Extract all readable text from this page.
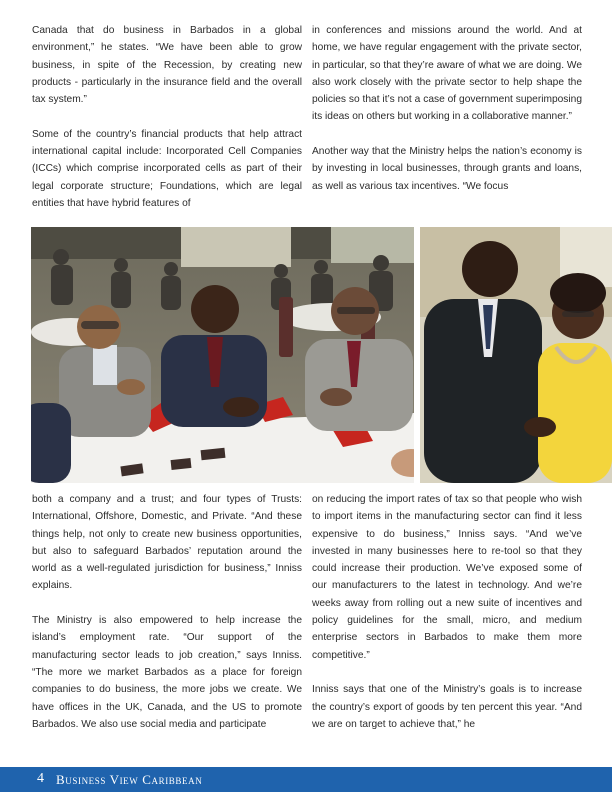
Canada that do business in Barbados in a global environment,” he states. “We have been able to grow business, in spite of the Recession, by creating new products - particularly in the insurance field and the overall tax system.”

Some of the country’s financial products that help attract international capital include: Incorporated Cell Companies (ICCs) which comprise incorporated cells as part of their legal corporate structure; Foundations, which are legal entities that have hybrid features of

in conferences and missions around the world. And at home, we have regular engagement with the private sector, in particular, so that they’re aware of what we are doing. We also work closely with the private sector to help shape the policies so that it’s not a case of government superimposing its ideas on others but working in a collaborative manner.”

Another way that the Ministry helps the nation’s economy is by investing in local businesses, through grants and loans, as well as various tax incentives. “We focus

both a company and a trust; and four types of Trusts: International, Offshore, Domestic, and Private. “And these things help, not only to create new business opportunities, but also to safeguard Barbados’ reputation around the world as a well-regulated jurisdiction for business,” Inniss explains.

The Ministry is also empowered to help increase the island’s employment rate. “Our support of the manufacturing sector leads to job creation,” says Inniss. “The more we market Barbados as a place for foreign companies to do business, the more jobs we create. We have offices in the UK, Canada, and the US to promote Barbados. We also use social media and participate

on reducing the import rates of tax so that people who wish to import items in the manufacturing sector can find it less expensive to do business,” Inniss says. “And we’ve invested in many businesses here to re-tool so that they could increase their production. We’ve exposed some of our manufacturers to the latest in technology. And we’re weeks away from rolling out a new suite of incentives and policy guidelines for the small, micro, and medium enterprise sectors in Barbados to make them more competitive.”

Inniss says that one of the Ministry’s goals is to increase the country’s export of goods by ten percent this year. “And we are on target to achieve that,” he

4 Business View Caribbean
